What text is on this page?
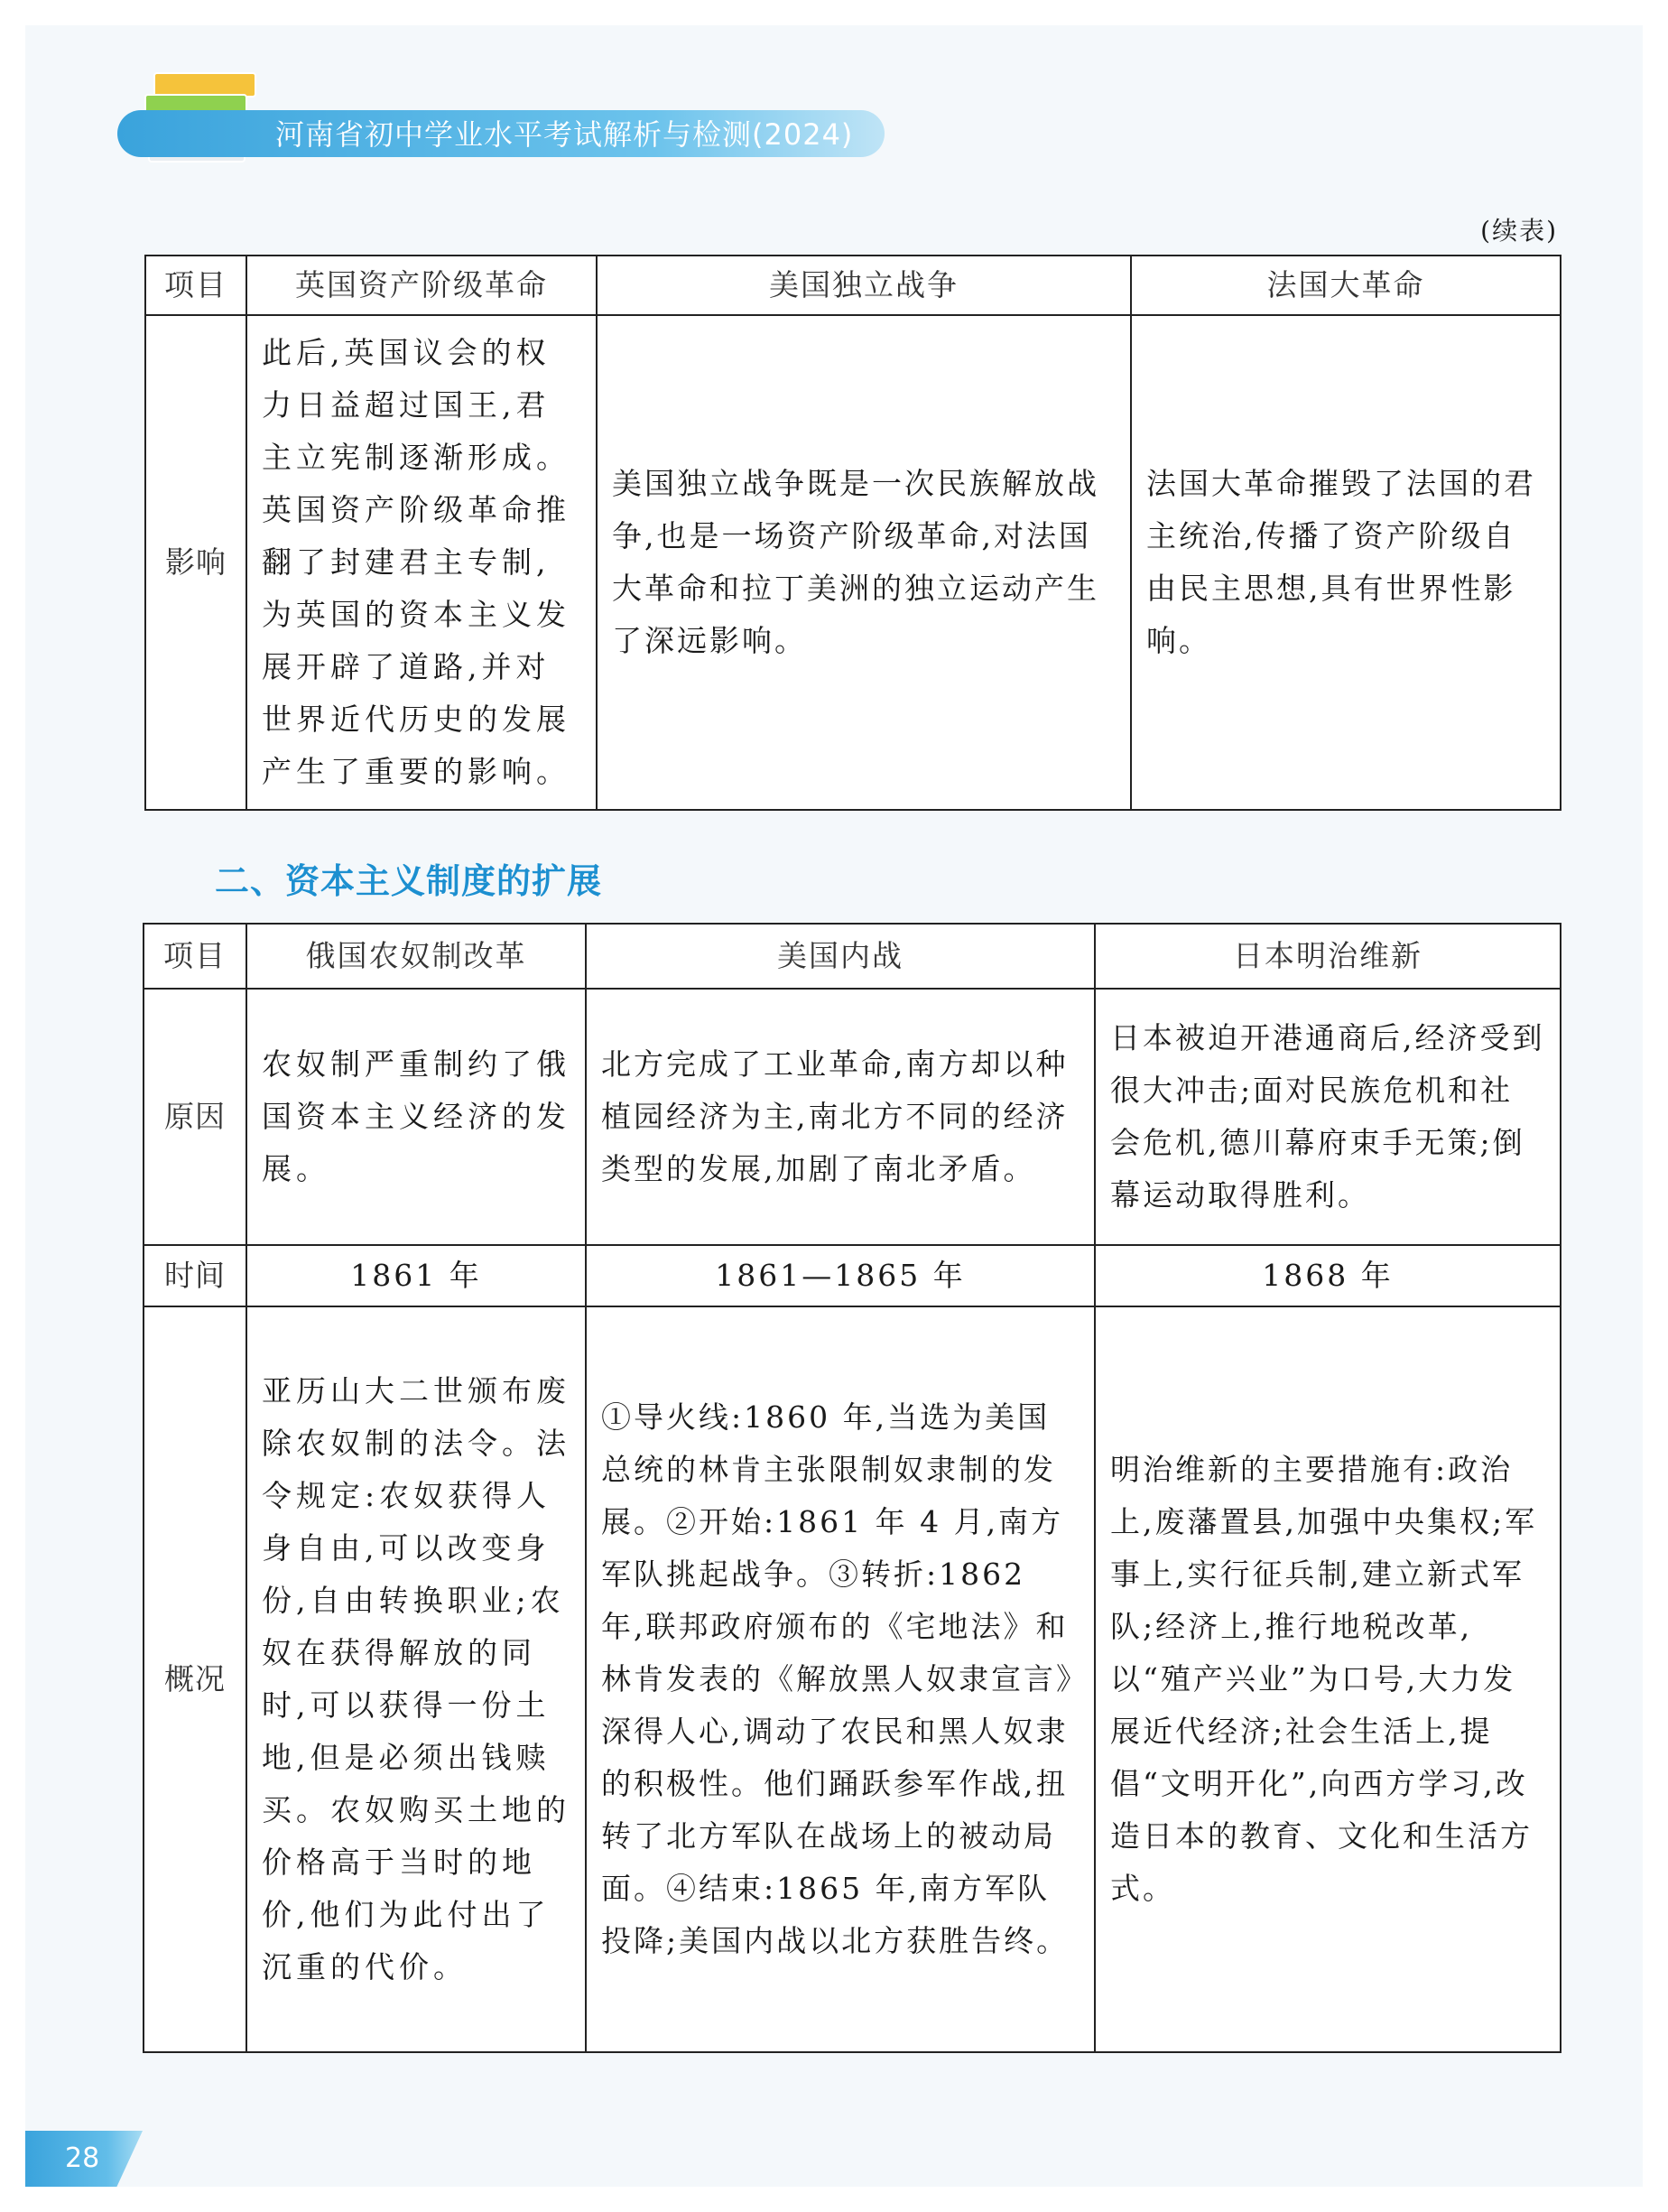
河南省初中学业水平考试解析与检测(2024)
(续表)
项目	英国资产阶级革命	美国独立战争	法国大革命
影响	此后,英国议会的权力日益超过国王,君主立宪制逐渐形成。英国资产阶级革命推翻了封建君主专制,为英国的资本主义发展开辟了道路,并对世界近代历史的发展产生了重要的影响。	美国独立战争既是一次民族解放战争,也是一场资产阶级革命,对法国大革命和拉丁美洲的独立运动产生了深远影响。	法国大革命摧毁了法国的君主统治,传播了资产阶级自由民主思想,具有世界性影响。
二、资本主义制度的扩展
项目	俄国农奴制改革	美国内战	日本明治维新
原因	农奴制严重制约了俄国资本主义经济的发展。	北方完成了工业革命,南方却以种植园经济为主,南北方不同的经济类型的发展,加剧了南北矛盾。	日本被迫开港通商后,经济受到很大冲击;面对民族危机和社会危机,德川幕府束手无策;倒幕运动取得胜利。
时间	1861 年	1861—1865 年	1868 年
概况	亚历山大二世颁布废除农奴制的法令。法令规定:农奴获得人身自由,可以改变身份,自由转换职业;农奴在获得解放的同时,可以获得一份土地,但是必须出钱赎买。农奴购买土地的价格高于当时的地价,他们为此付出了沉重的代价。	①导火线:1860 年,当选为美国总统的林肯主张限制奴隶制的发展。②开始:1861 年 4 月,南方军队挑起战争。③转折:1862 年,联邦政府颁布的《宅地法》和林肯发表的《解放黑人奴隶宣言》深得人心,调动了农民和黑人奴隶的积极性。他们踊跃参军作战,扭转了北方军队在战场上的被动局面。④结束:1865 年,南方军队投降;美国内战以北方获胜告终。	明治维新的主要措施有:政治上,废藩置县,加强中央集权;军事上,实行征兵制,建立新式军队;经济上,推行地税改革,以“殖产兴业”为口号,大力发展近代经济;社会生活上,提倡“文明开化”,向西方学习,改造日本的教育、文化和生活方式。
28
